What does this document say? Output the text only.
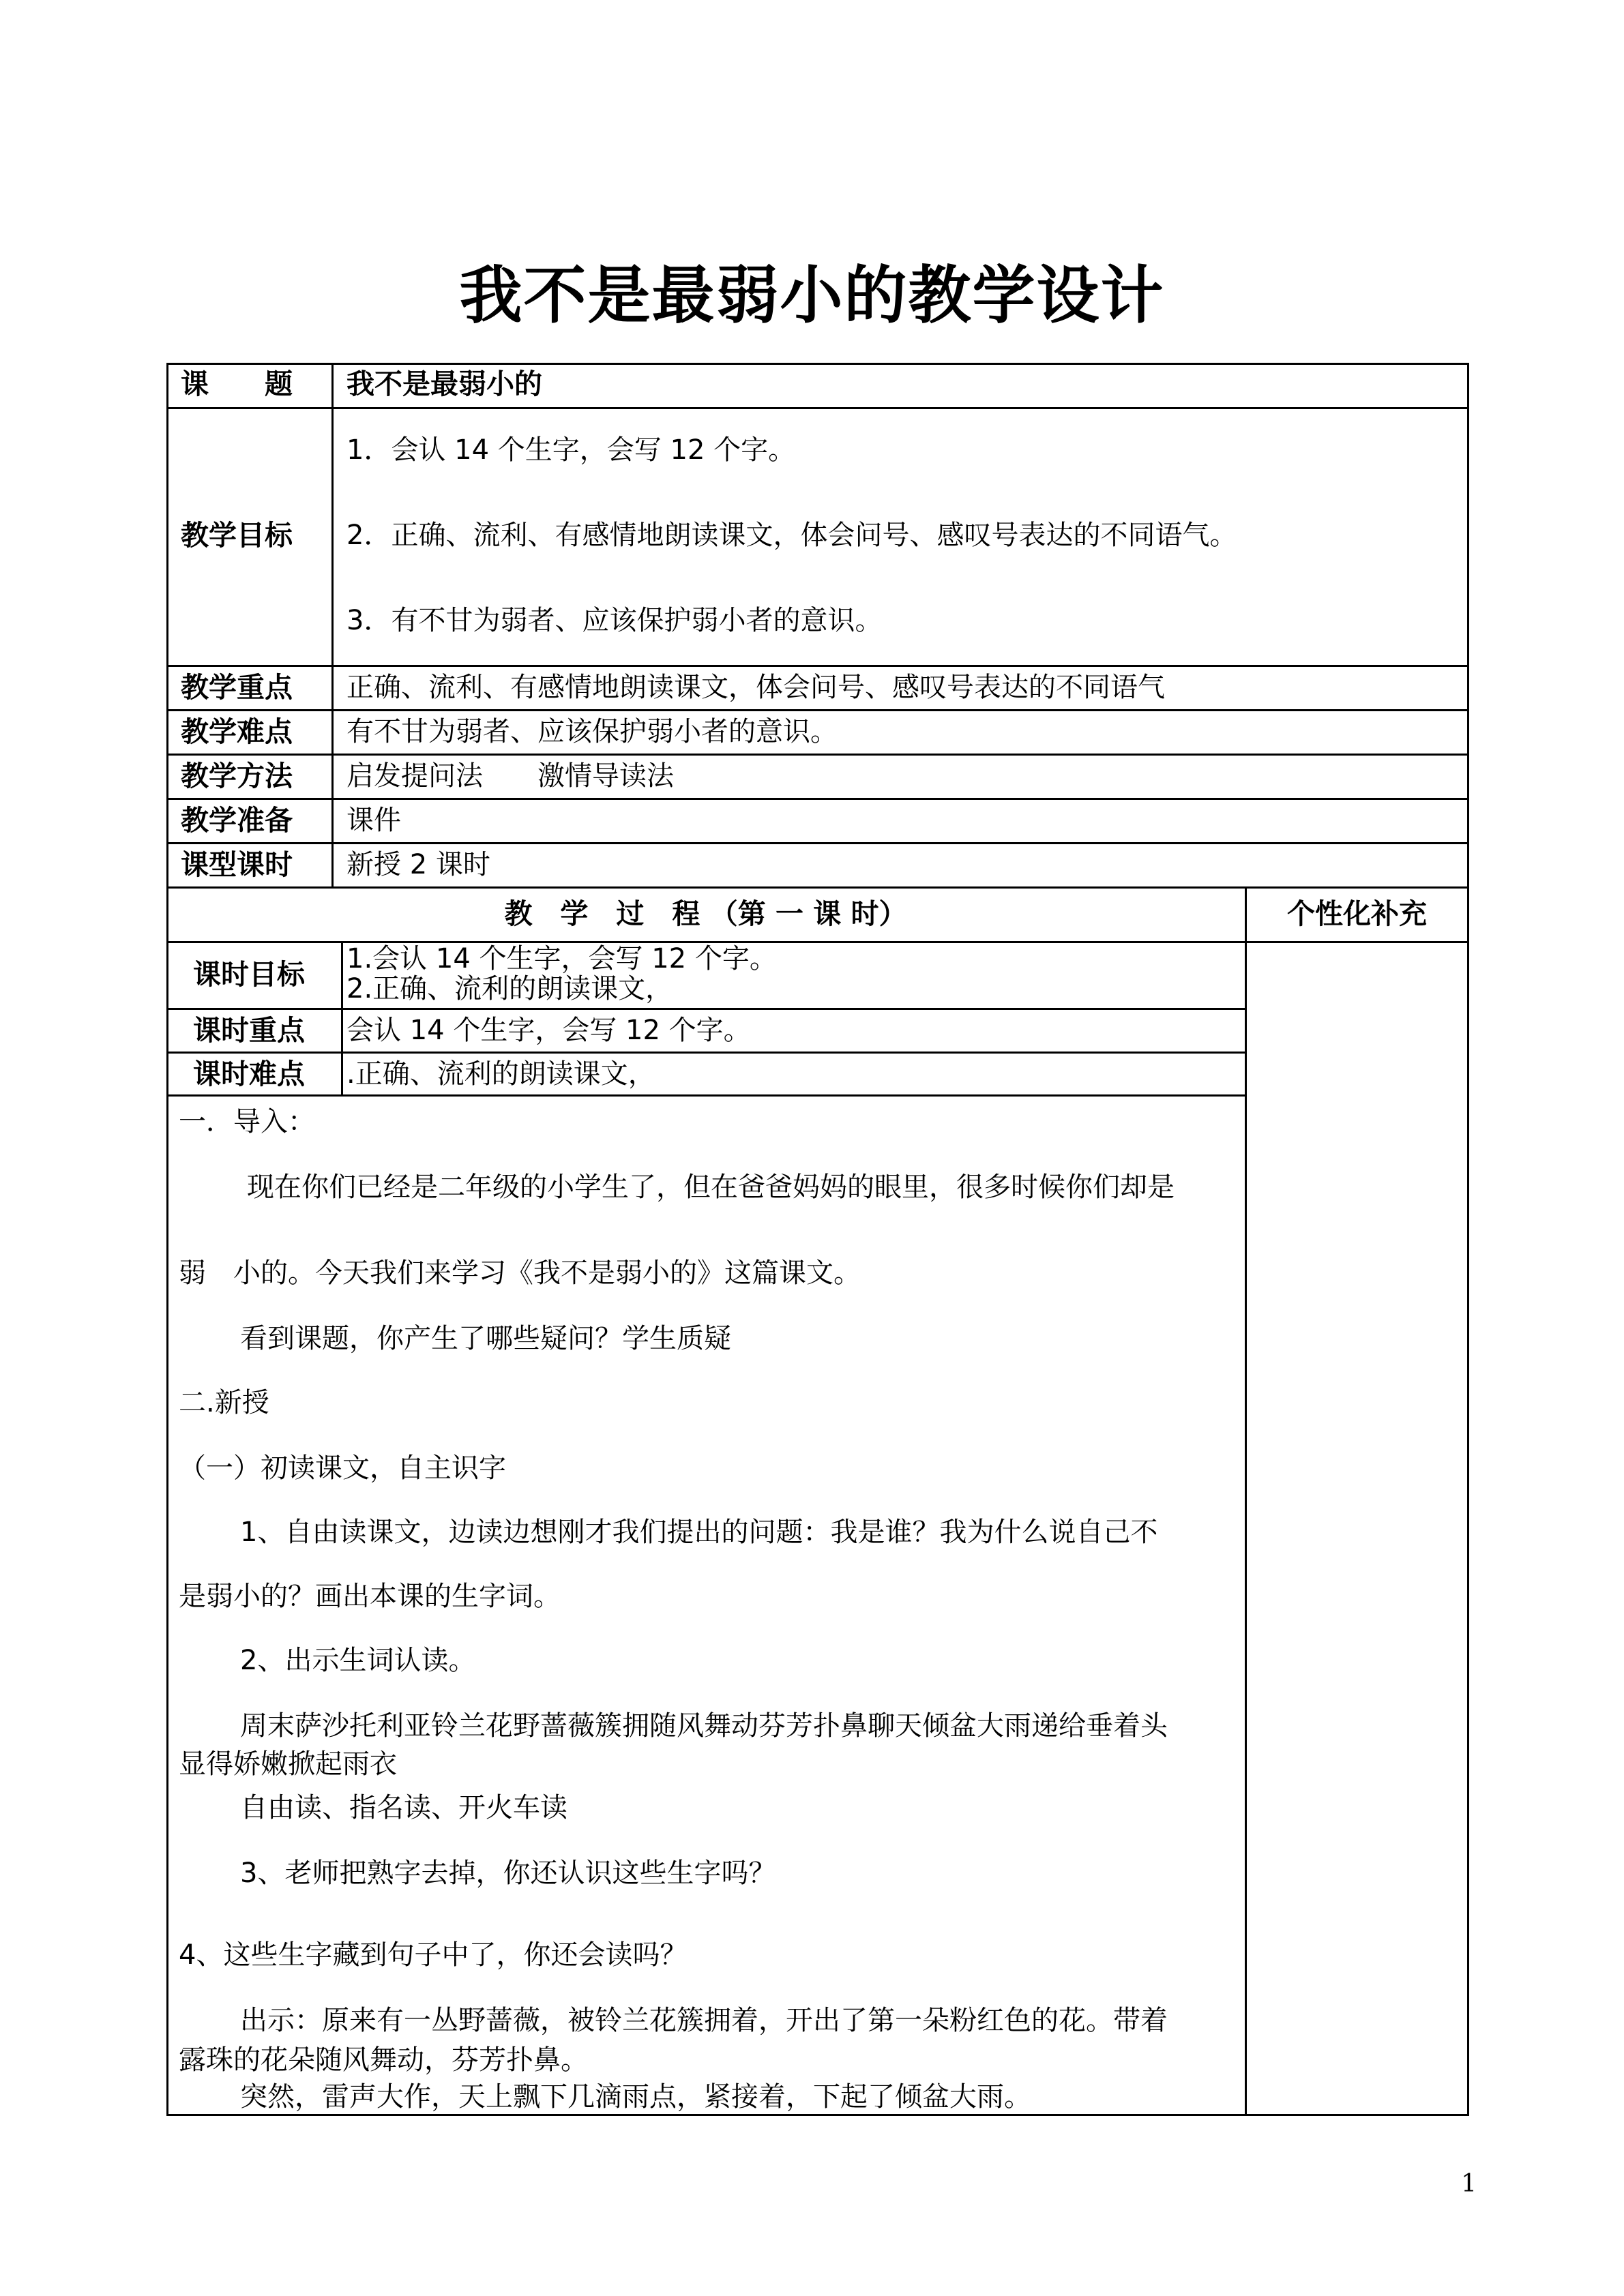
我不是最弱小的教学设计
课　　题 我不是最弱小的
教学目标
1．会认 14 个生字，会写 12 个字。
2．正确、流利、有感情地朗读课文，体会问号、感叹号表达的不同语气。
3．有不甘为弱者、应该保护弱小者的意识。
教学重点 正确、流利、有感情地朗读课文，体会问号、感叹号表达的不同语气
教学难点 有不甘为弱者、应该保护弱小者的意识。
教学方法 启发提问法　　激情导读法
教学准备 课件
课型课时 新授 2 课时
教　学　过　程 （第 一 课 时）	个性化补充
课时目标 1.会认 14 个生字，会写 12 个字。
2.正确、流利的朗读课文，
课时重点 会认 14 个生字，会写 12 个字。
课时难点 .正确、流利的朗读课文，
一．导入：
现在你们已经是二年级的小学生了，但在爸爸妈妈的眼里，很多时候你们却是
弱　小的。今天我们来学习《我不是弱小的》这篇课文。
看到课题，你产生了哪些疑问？学生质疑
二.新授
（一）初读课文，自主识字
1、自由读课文，边读边想刚才我们提出的问题：我是谁？我为什么说自己不
是弱小的？画出本课的生字词。
2、出示生词认读。
周末萨沙托利亚铃兰花野蔷薇簇拥随风舞动芬芳扑鼻聊天倾盆大雨递给垂着头
显得娇嫩掀起雨衣
自由读、指名读、开火车读
3、老师把熟字去掉，你还认识这些生字吗？
4、这些生字藏到句子中了，你还会读吗？
出示：原来有一丛野蔷薇，被铃兰花簇拥着，开出了第一朵粉红色的花。带着
露珠的花朵随风舞动，芬芳扑鼻。
突然，雷声大作，天上飘下几滴雨点，紧接着，下起了倾盆大雨。
1
